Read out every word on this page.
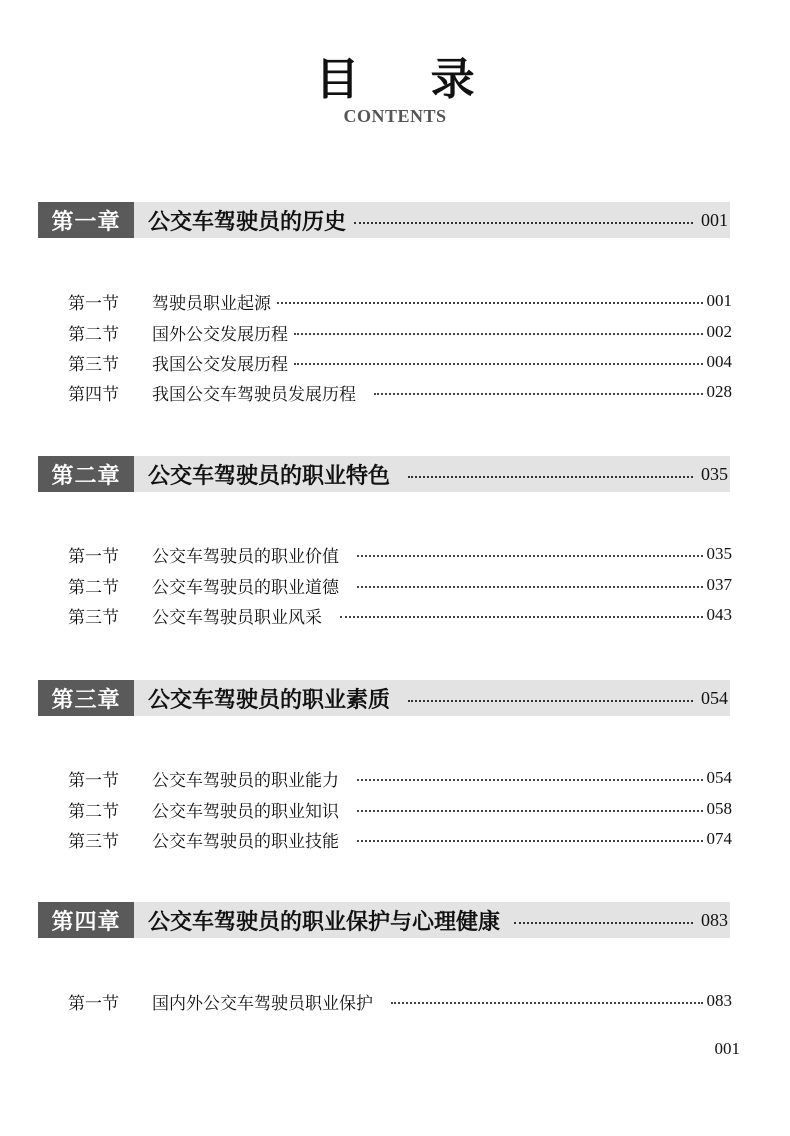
目 录
CONTENTS
第一章	公交车驾驶员的历史	001
第一节	驾驶员职业起源	001
第二节	国外公交发展历程	002
第三节	我国公交发展历程	004
第四节	我国公交车驾驶员发展历程	028
第二章	公交车驾驶员的职业特色	035
第一节	公交车驾驶员的职业价值	035
第二节	公交车驾驶员的职业道德	037
第三节	公交车驾驶员职业风采	043
第三章	公交车驾驶员的职业素质	054
第一节	公交车驾驶员的职业能力	054
第二节	公交车驾驶员的职业知识	058
第三节	公交车驾驶员的职业技能	074
第四章	公交车驾驶员的职业保护与心理健康	083
第一节	国内外公交车驾驶员职业保护	083
001
